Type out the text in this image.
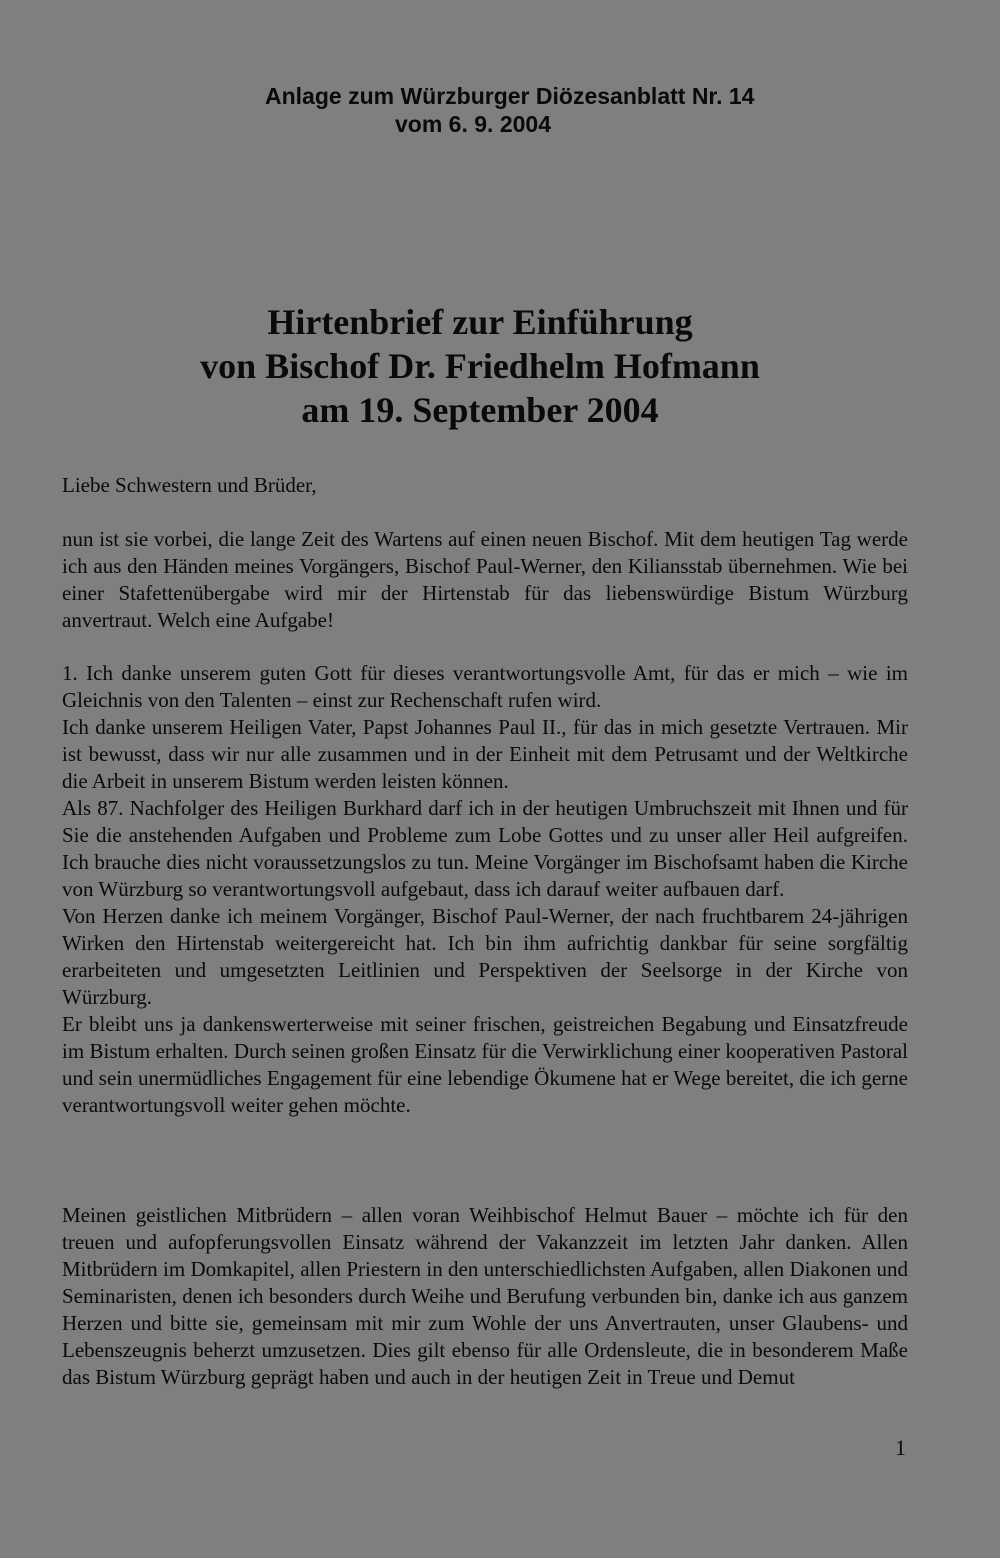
Anlage zum Würzburger Diözesanblatt Nr. 14
vom 6. 9. 2004
Hirtenbrief zur Einführung
von Bischof Dr. Friedhelm Hofmann
am 19. September 2004
Liebe Schwestern und Brüder,

nun ist sie vorbei, die lange Zeit des Wartens auf einen neuen Bischof. Mit dem heutigen Tag werde ich aus den Händen meines Vorgängers, Bischof Paul-Werner, den Kiliansstab übernehmen. Wie bei einer Stafettenübergabe wird mir der Hirtenstab für das liebenswürdige Bistum Würzburg anvertraut. Welch eine Aufgabe!

1. Ich danke unserem guten Gott für dieses verantwortungsvolle Amt, für das er mich – wie im Gleichnis von den Talenten – einst zur Rechenschaft rufen wird.

Ich danke unserem Heiligen Vater, Papst Johannes Paul II., für das in mich gesetzte Vertrauen. Mir ist bewusst, dass wir nur alle zusammen und in der Einheit mit dem Petrusamt und der Weltkirche die Arbeit in unserem Bistum werden leisten können.

Als 87. Nachfolger des Heiligen Burkhard darf ich in der heutigen Umbruchszeit mit Ihnen und für Sie die anstehenden Aufgaben und Probleme zum Lobe Gottes und zu unser aller Heil aufgreifen. Ich brauche dies nicht voraussetzungslos zu tun. Meine Vorgänger im Bischofsamt haben die Kirche von Würzburg so verantwortungsvoll aufgebaut, dass ich darauf weiter aufbauen darf.

Von Herzen danke ich meinem Vorgänger, Bischof Paul-Werner, der nach fruchtbarem 24-jährigen Wirken den Hirtenstab weitergereicht hat. Ich bin ihm aufrichtig dankbar für seine sorgfältig erarbeiteten und umgesetzten Leitlinien und Perspektiven der Seelsorge in der Kirche von Würzburg.

Er bleibt uns ja dankenswerterweise mit seiner frischen, geistreichen Begabung und Einsatzfreude im Bistum erhalten. Durch seinen großen Einsatz für die Verwirklichung einer kooperativen Pastoral und sein unermüdliches Engagement für eine lebendige Ökumene hat er Wege bereitet, die ich gerne verantwortungsvoll weiter gehen möchte.

Meinen geistlichen Mitbrüdern – allen voran Weihbischof Helmut Bauer – möchte ich für den treuen und aufopferungsvollen Einsatz während der Vakanzzeit im letzten Jahr danken. Allen Mitbrüdern im Domkapitel, allen Priestern in den unterschiedlichsten Aufgaben, allen Diakonen und Seminaristen, denen ich besonders durch Weihe und Berufung verbunden bin, danke ich aus ganzem Herzen und bitte sie, gemeinsam mit mir zum Wohle der uns Anvertrauten, unser Glaubens- und Lebenszeugnis beherzt umzusetzen. Dies gilt ebenso für alle Ordensleute, die in besonderem Maße das Bistum Würzburg geprägt haben und auch in der heutigen Zeit in Treue und Demut

1
